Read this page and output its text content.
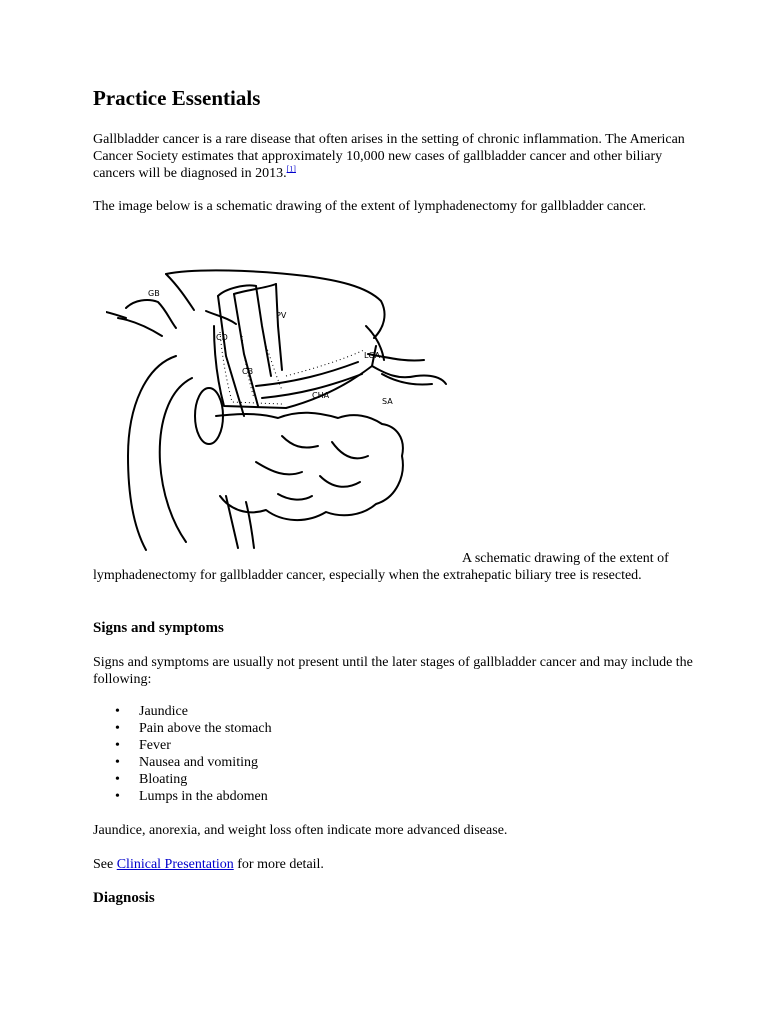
Practice Essentials

Gallbladder cancer is a rare disease that often arises in the setting of chronic inflammation. The American Cancer Society estimates that approximately 10,000 new cases of gallbladder cancer and other biliary cancers will be diagnosed in 2013.[1]

The image below is a schematic drawing of the extent of lymphadenectomy for gallbladder cancer.

GB
CD
PV
LGA
CB
CHA
SA

A schematic drawing of the extent of lymphadenectomy for gallbladder cancer, especially when the extrahepatic biliary tree is resected.

Signs and symptoms

Signs and symptoms are usually not present until the later stages of gallbladder cancer and may include the following:

• Jaundice
• Pain above the stomach
• Fever
• Nausea and vomiting
• Bloating
• Lumps in the abdomen

Jaundice, anorexia, and weight loss often indicate more advanced disease.

See Clinical Presentation for more detail.

Diagnosis
